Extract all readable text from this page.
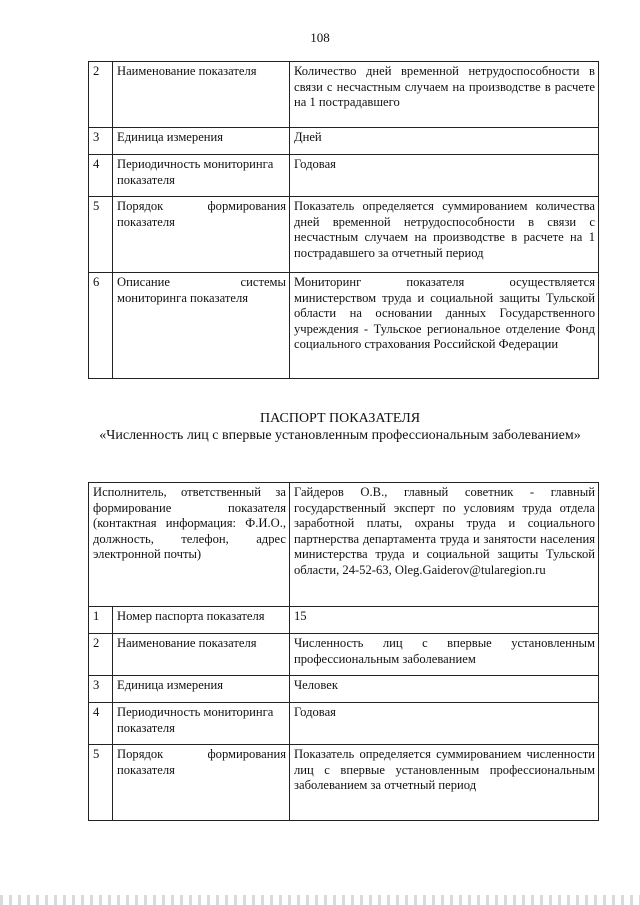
108
2	Наименование показателя	Количество дней временной нетрудоспособности в связи с несчастным случаем на производстве в расчете на 1 пострадавшего
3	Единица измерения	Дней
4	Периодичность мониторинга показателя	Годовая
5	Порядок формирования показателя	Показатель определяется суммированием количества дней временной нетрудоспособности в связи с несчастным случаем на производстве в расчете на 1 пострадавшего за отчетный период
6	Описание системы мониторинга показателя	Мониторинг показателя осуществляется министерством труда и социальной защиты Тульской области на основании данных Государственного учреждения - Тульское региональное отделение Фонд социального страхования Российской Федерации
ПАСПОРТ ПОКАЗАТЕЛЯ
«Численность лиц с впервые установленным профессиональным заболеванием»
Исполнитель, ответственный за формирование показателя (контактная информация: Ф.И.О., должность, телефон, адрес электронной почты)		Гайдеров О.В., главный советник - главный государственный эксперт по условиям труда отдела заработной платы, охраны труда и социального партнерства департамента труда и занятости населения министерства труда и социальной защиты Тульской области, 24-52-63, Oleg.Gaiderov@tularegion.ru
1	Номер паспорта показателя	15
2	Наименование показателя	Численность лиц с впервые установленным профессиональным заболеванием
3	Единица измерения	Человек
4	Периодичность мониторинга показателя	Годовая
5	Порядок формирования показателя	Показатель определяется суммированием численности лиц с впервые установленным профессиональным заболеванием за отчетный период
